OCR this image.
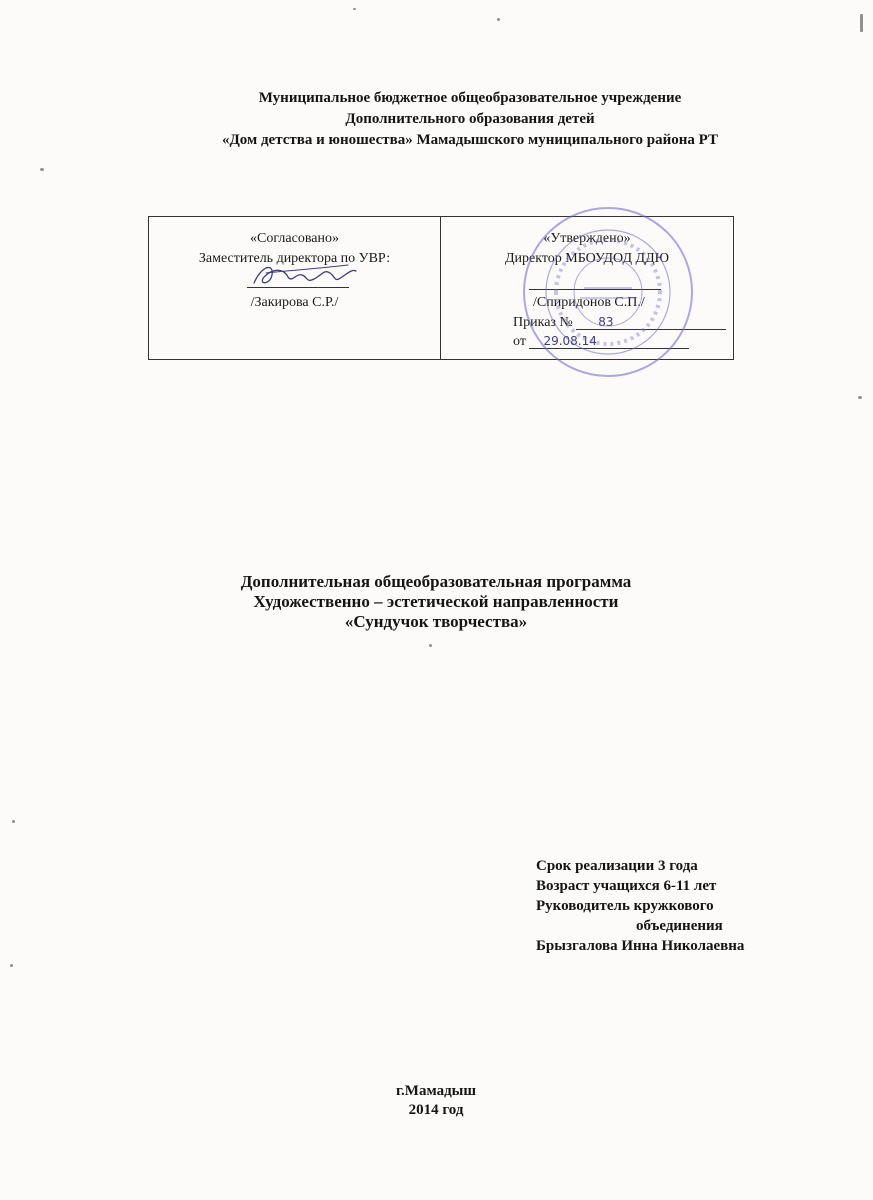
Муниципальное бюджетное общеобразовательное учреждение
Дополнительного образования детей
«Дом детства и юношества» Мамадышского муниципального района РТ
«Согласовано»
Заместитель директора по УВР:
/Закирова С.Р./
«Утверждено»
Директор МБОУДОД ДДЮ
/Спиридонов С.П./
Приказ № 83
от 29.08.14
Дополнительная общеобразовательная программа
Художественно – эстетической направленности
«Сундучок творчества»
Срок реализации 3 года
Возраст учащихся 6-11 лет
Руководитель кружкового
объединения
Брызгалова Инна Николаевна
г.Мамадыш
2014 год
